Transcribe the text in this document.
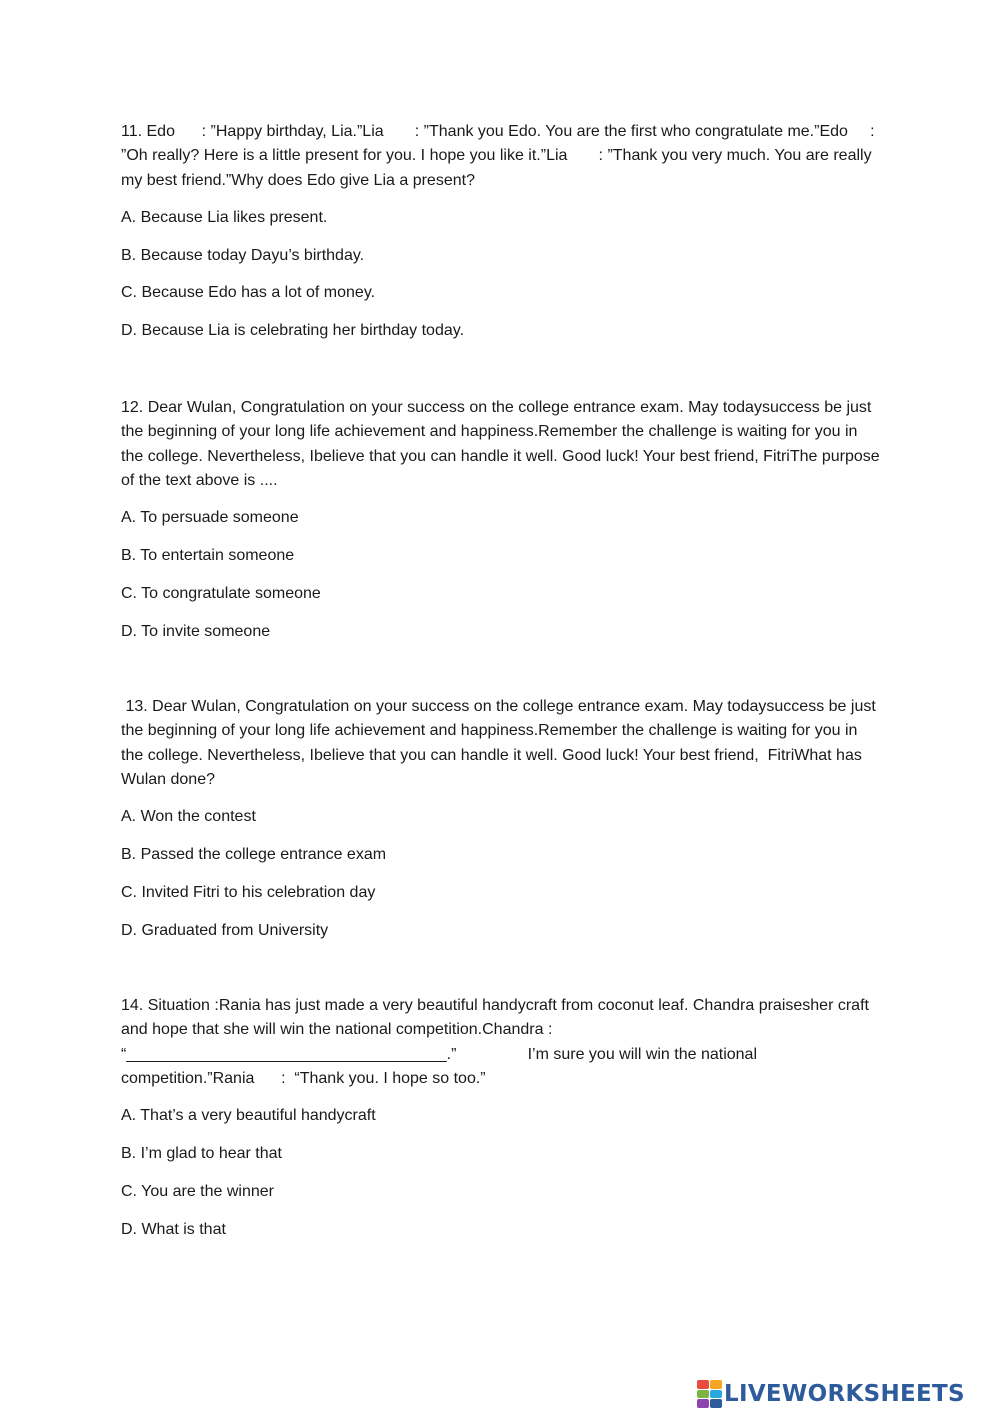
11. Edo      : ”Happy birthday, Lia.”Lia       : ”Thank you Edo. You are the first who congratulate me.”Edo     : ”Oh really? Here is a little present for you. I hope you like it.”Lia       : ”Thank you very much. You are really my best friend.”Why does Edo give Lia a present?

A. Because Lia likes present.
B. Because today Dayu’s birthday.
C. Because Edo has a lot of money.
D. Because Lia is celebrating her birthday today.

12. Dear Wulan, Congratulation on your success on the college entrance exam. May todaysuccess be just the beginning of your long life achievement and happiness.Remember the challenge is waiting for you in the college. Nevertheless, Ibelieve that you can handle it well. Good luck! Your best friend, FitriThe purpose of the text above is ....

A. To persuade someone
B. To entertain someone
C. To congratulate someone
D. To invite someone

13. Dear Wulan, Congratulation on your success on the college entrance exam. May todaysuccess be just the beginning of your long life achievement and happiness.Remember the challenge is waiting for you in the college. Nevertheless, Ibelieve that you can handle it well. Good luck! Your best friend,  FitriWhat has Wulan done?

A. Won the contest
B. Passed the college entrance exam
C. Invited Fitri to his celebration day
D. Graduated from University

14. Situation :Rania has just made a very beautiful handycraft from coconut leaf. Chandra praisesher craft and hope that she will win the national competition.Chandra :
“____________________________________.”                I’m sure you will win the national competition.”Rania      :  “Thank you. I hope so too.”

A. That’s a very beautiful handycraft
B. I’m glad to hear that
C. You are the winner
D. What is that
LIVEWORKSHEETS
